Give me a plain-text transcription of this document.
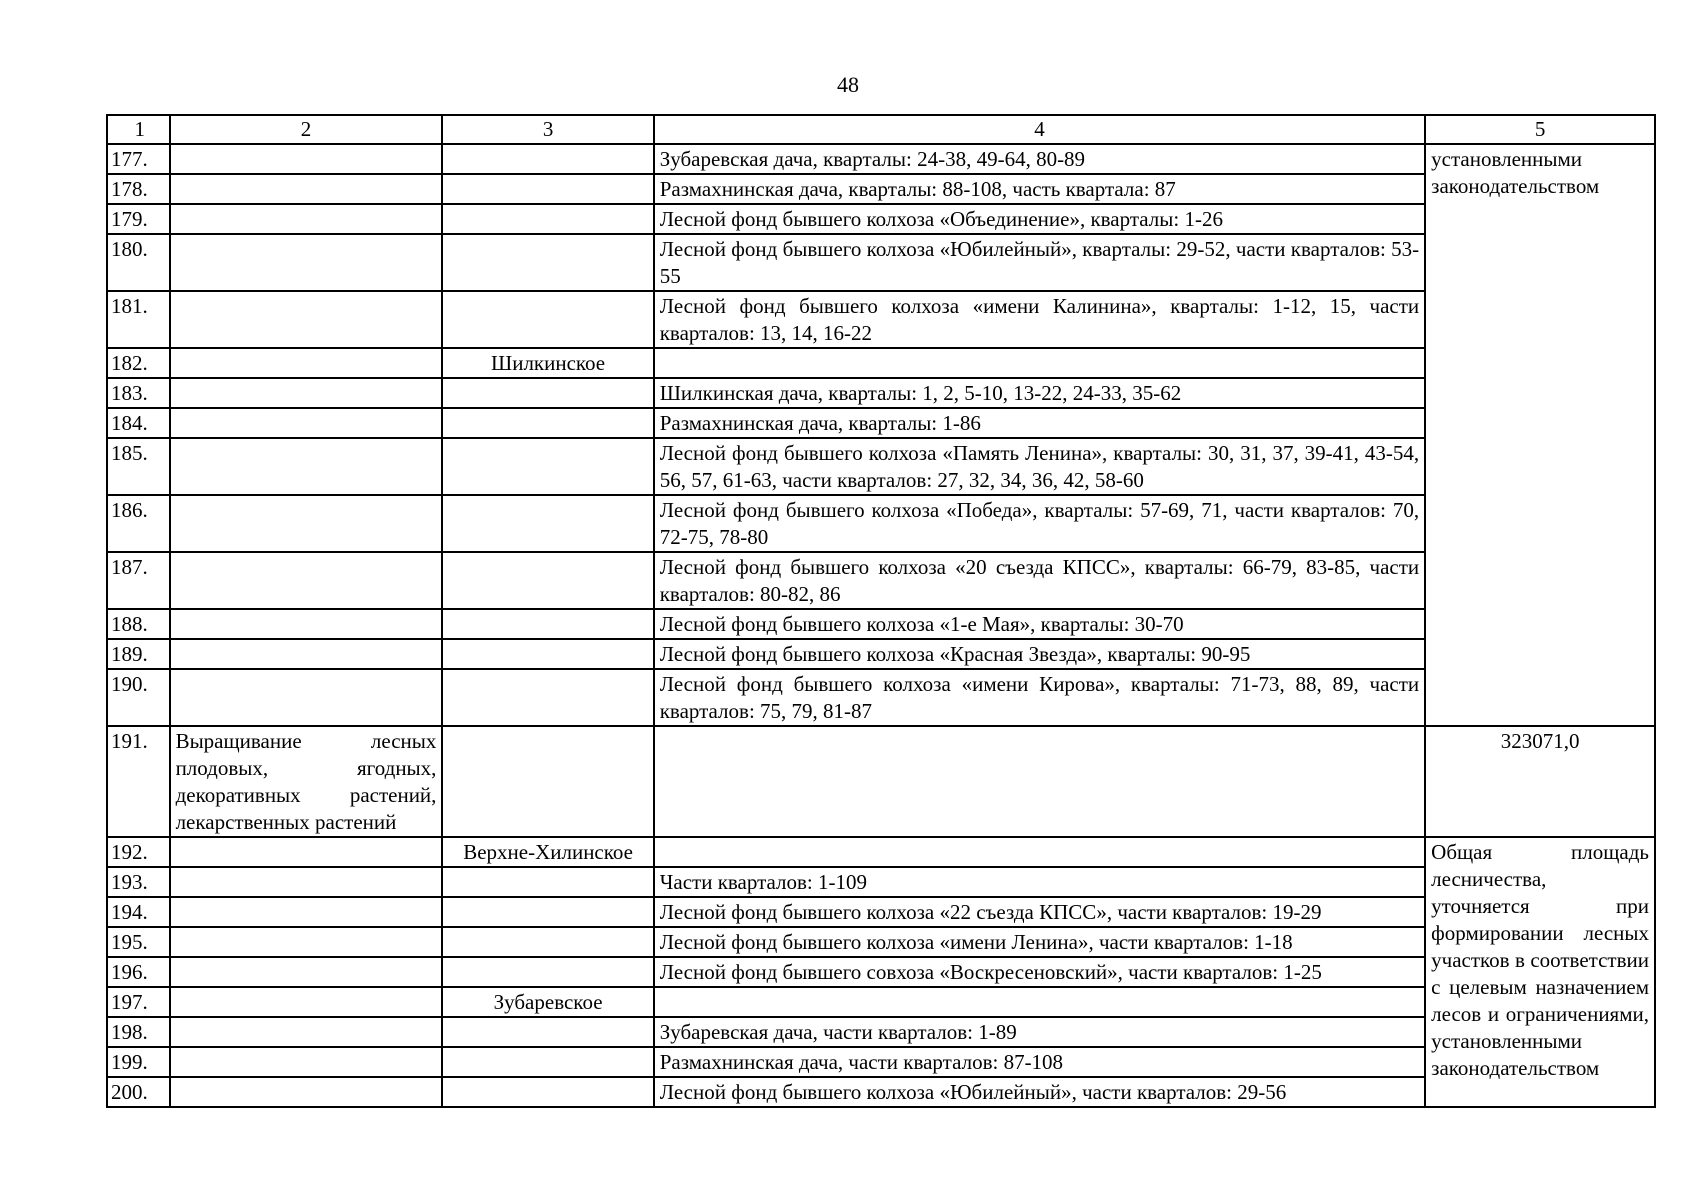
48
1	2	3	4	5
177.			Зубаревская дача, кварталы: 24-38, 49-64, 80-89	установленными законодательством
178.			Размахнинская дача, кварталы: 88-108, часть квартала: 87	
179.			Лесной фонд бывшего колхоза «Объединение», кварталы: 1-26	
180.			Лесной фонд бывшего колхоза «Юбилейный», кварталы: 29-52, части кварталов: 53-55	
181.			Лесной фонд бывшего колхоза «имени Калинина», кварталы: 1-12, 15, части кварталов: 13, 14, 16-22	
182.		Шилкинское		
183.			Шилкинская дача, кварталы: 1, 2, 5-10, 13-22, 24-33, 35-62	
184.			Размахнинская дача, кварталы: 1-86	
185.			Лесной фонд бывшего колхоза «Память Ленина», кварталы: 30, 31, 37, 39-41, 43-54, 56, 57, 61-63, части кварталов: 27, 32, 34, 36, 42, 58-60	
186.			Лесной фонд бывшего колхоза «Победа», кварталы: 57-69, 71, части кварталов: 70, 72-75, 78-80	
187.			Лесной фонд бывшего колхоза «20 съезда КПСС», кварталы: 66-79, 83-85, части кварталов: 80-82, 86	
188.			Лесной фонд бывшего колхоза «1-е Мая», кварталы: 30-70	
189.			Лесной фонд бывшего колхоза «Красная Звезда», кварталы: 90-95	
190.			Лесной фонд бывшего колхоза «имени Кирова», кварталы: 71-73, 88, 89, части кварталов: 75, 79, 81-87	
191.	Выращивание лесных плодовых, ягодных, декоративных растений, лекарственных растений			323071,0
192.		Верхне-Хилинское		Общая площадь лесничества, уточняется при формировании лесных участков в соответствии с целевым назначением лесов и ограничениями, установленными законодательством
193.			Части кварталов: 1-109	
194.			Лесной фонд бывшего колхоза «22 съезда КПСС», части кварталов: 19-29	
195.			Лесной фонд бывшего колхоза «имени Ленина», части кварталов: 1-18	
196.			Лесной фонд бывшего совхоза «Воскресеновский», части кварталов: 1-25	
197.		Зубаревское		
198.			Зубаревская дача, части кварталов: 1-89	
199.			Размахнинская дача, части кварталов: 87-108	
200.			Лесной фонд бывшего колхоза «Юбилейный», части кварталов: 29-56	
